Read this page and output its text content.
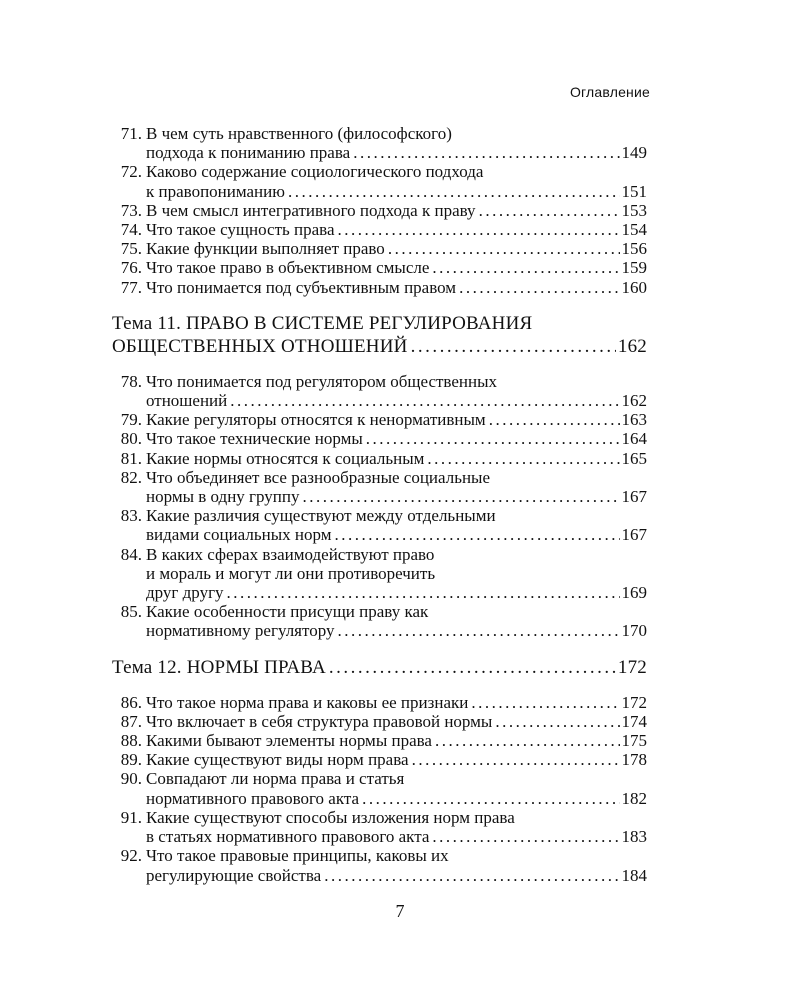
Оглавление
71. В чем суть нравственного (философского)
подхода к пониманию права .....	149
72. Каково содержание социологического подхода
к правопониманию .....	151
73. В чем смысл интегративного подхода к праву .....	153
74. Что такое сущность права .....	154
75. Какие функции выполняет право .....	156
76. Что такое право в объективном смысле .....	159
77. Что понимается под субъективным правом .....	160
Тема 11. ПРАВО В СИСТЕМЕ РЕГУЛИРОВАНИЯ
ОБЩЕСТВЕННЫХ ОТНОШЕНИЙ .....	162
78. Что понимается под регулятором общественных
отношений .....	162
79. Какие регуляторы относятся к ненормативным .....	163
80. Что такое технические нормы .....	164
81. Какие нормы относятся к социальным .....	165
82. Что объединяет все разнообразные социальные
нормы в одну группу .....	167
83. Какие различия существуют между отдельными
видами социальных норм .....	167
84. В каких сферах взаимодействуют право
и мораль и могут ли они противоречить
друг другу .....	169
85. Какие особенности присущи праву как
нормативному регулятору .....	170
Тема 12. НОРМЫ ПРАВА .....	172
86. Что такое норма права и каковы ее признаки .....	172
87. Что включает в себя структура правовой нормы .....	174
88. Какими бывают элементы нормы права .....	175
89. Какие существуют виды норм права .....	178
90. Совпадают ли норма права и статья
нормативного правового акта .....	182
91. Какие существуют способы изложения норм права
в статьях нормативного правового акта .....	183
92. Что такое правовые принципы, каковы их
регулирующие свойства .....	184
7
